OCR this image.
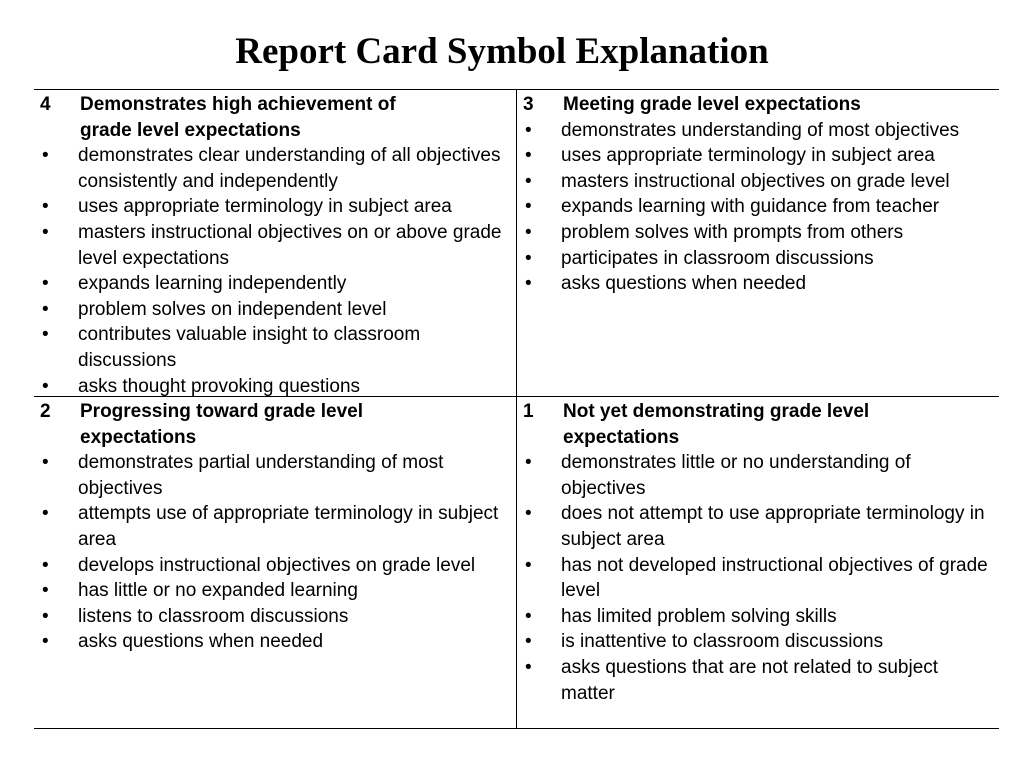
Report Card Symbol Explanation
4	Demonstrates high achievement of
grade level expectations
• demonstrates clear understanding of all objectives consistently and independently
• uses appropriate terminology in subject area
• masters instructional objectives on or above grade level expectations
• expands learning independently
• problem solves on independent level
• contributes valuable insight to classroom discussions
• asks thought provoking questions
3	Meeting grade level expectations
• demonstrates understanding of most objectives
• uses appropriate terminology in subject area
• masters instructional objectives on grade level
• expands learning with guidance from teacher
• problem solves with prompts from others
• participates in classroom discussions
• asks questions when needed
2	Progressing toward grade level
expectations
• demonstrates partial understanding of most objectives
• attempts use of appropriate terminology in subject area
• develops instructional objectives on grade level
• has little or no expanded learning
• listens to classroom discussions
• asks questions when needed
1	Not yet demonstrating grade level
expectations
• demonstrates little or no understanding of objectives
• does not attempt to use appropriate terminology in subject area
• has not developed instructional objectives of grade level
• has limited problem solving skills
• is inattentive to classroom discussions
• asks questions that are not related to subject matter
